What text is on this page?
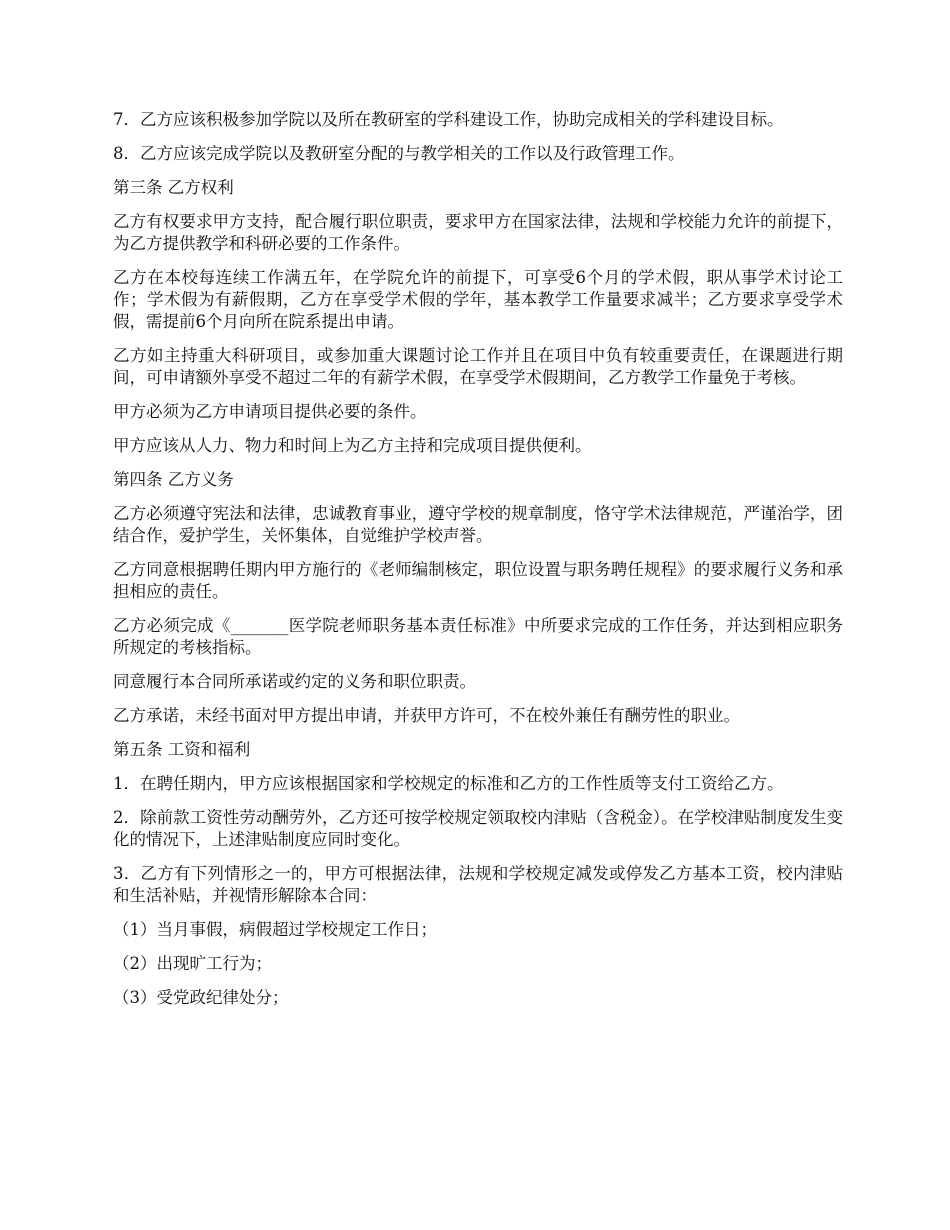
7．乙方应该积极参加学院以及所在教研室的学科建设工作，协助完成相关的学科建设目标。

8．乙方应该完成学院以及教研室分配的与教学相关的工作以及行政管理工作。

第三条 乙方权利

乙方有权要求甲方支持，配合履行职位职责，要求甲方在国家法律，法规和学校能力允许的前提下，为乙方提供教学和科研必要的工作条件。

乙方在本校每连续工作满五年，在学院允许的前提下，可享受6个月的学术假，职从事学术讨论工作；学术假为有薪假期，乙方在享受学术假的学年，基本教学工作量要求减半；乙方要求享受学术假，需提前6个月向所在院系提出申请。

乙方如主持重大科研项目，或参加重大课题讨论工作并且在项目中负有较重要责任，在课题进行期间，可申请额外享受不超过二年的有薪学术假，在享受学术假期间，乙方教学工作量免于考核。

甲方必须为乙方申请项目提供必要的条件。

甲方应该从人力、物力和时间上为乙方主持和完成项目提供便利。

第四条 乙方义务

乙方必须遵守宪法和法律，忠诚教育事业，遵守学校的规章制度，恪守学术法律规范，严谨治学，团结合作，爱护学生，关怀集体，自觉维护学校声誉。

乙方同意根据聘任期内甲方施行的《老师编制核定，职位设置与职务聘任规程》的要求履行义务和承担相应的责任。

乙方必须完成《_______医学院老师职务基本责任标准》中所要求完成的工作任务，并达到相应职务所规定的考核指标。

同意履行本合同所承诺或约定的义务和职位职责。

乙方承诺，未经书面对甲方提出申请，并获甲方许可，不在校外兼任有酬劳性的职业。

第五条 工资和福利

1．在聘任期内，甲方应该根据国家和学校规定的标准和乙方的工作性质等支付工资给乙方。

2．除前款工资性劳动酬劳外，乙方还可按学校规定领取校内津贴（含税金）。在学校津贴制度发生变化的情况下，上述津贴制度应同时变化。

3．乙方有下列情形之一的，甲方可根据法律，法规和学校规定减发或停发乙方基本工资，校内津贴和生活补贴，并视情形解除本合同：

（1）当月事假，病假超过学校规定工作日；

（2）出现旷工行为；

（3）受党政纪律处分；
